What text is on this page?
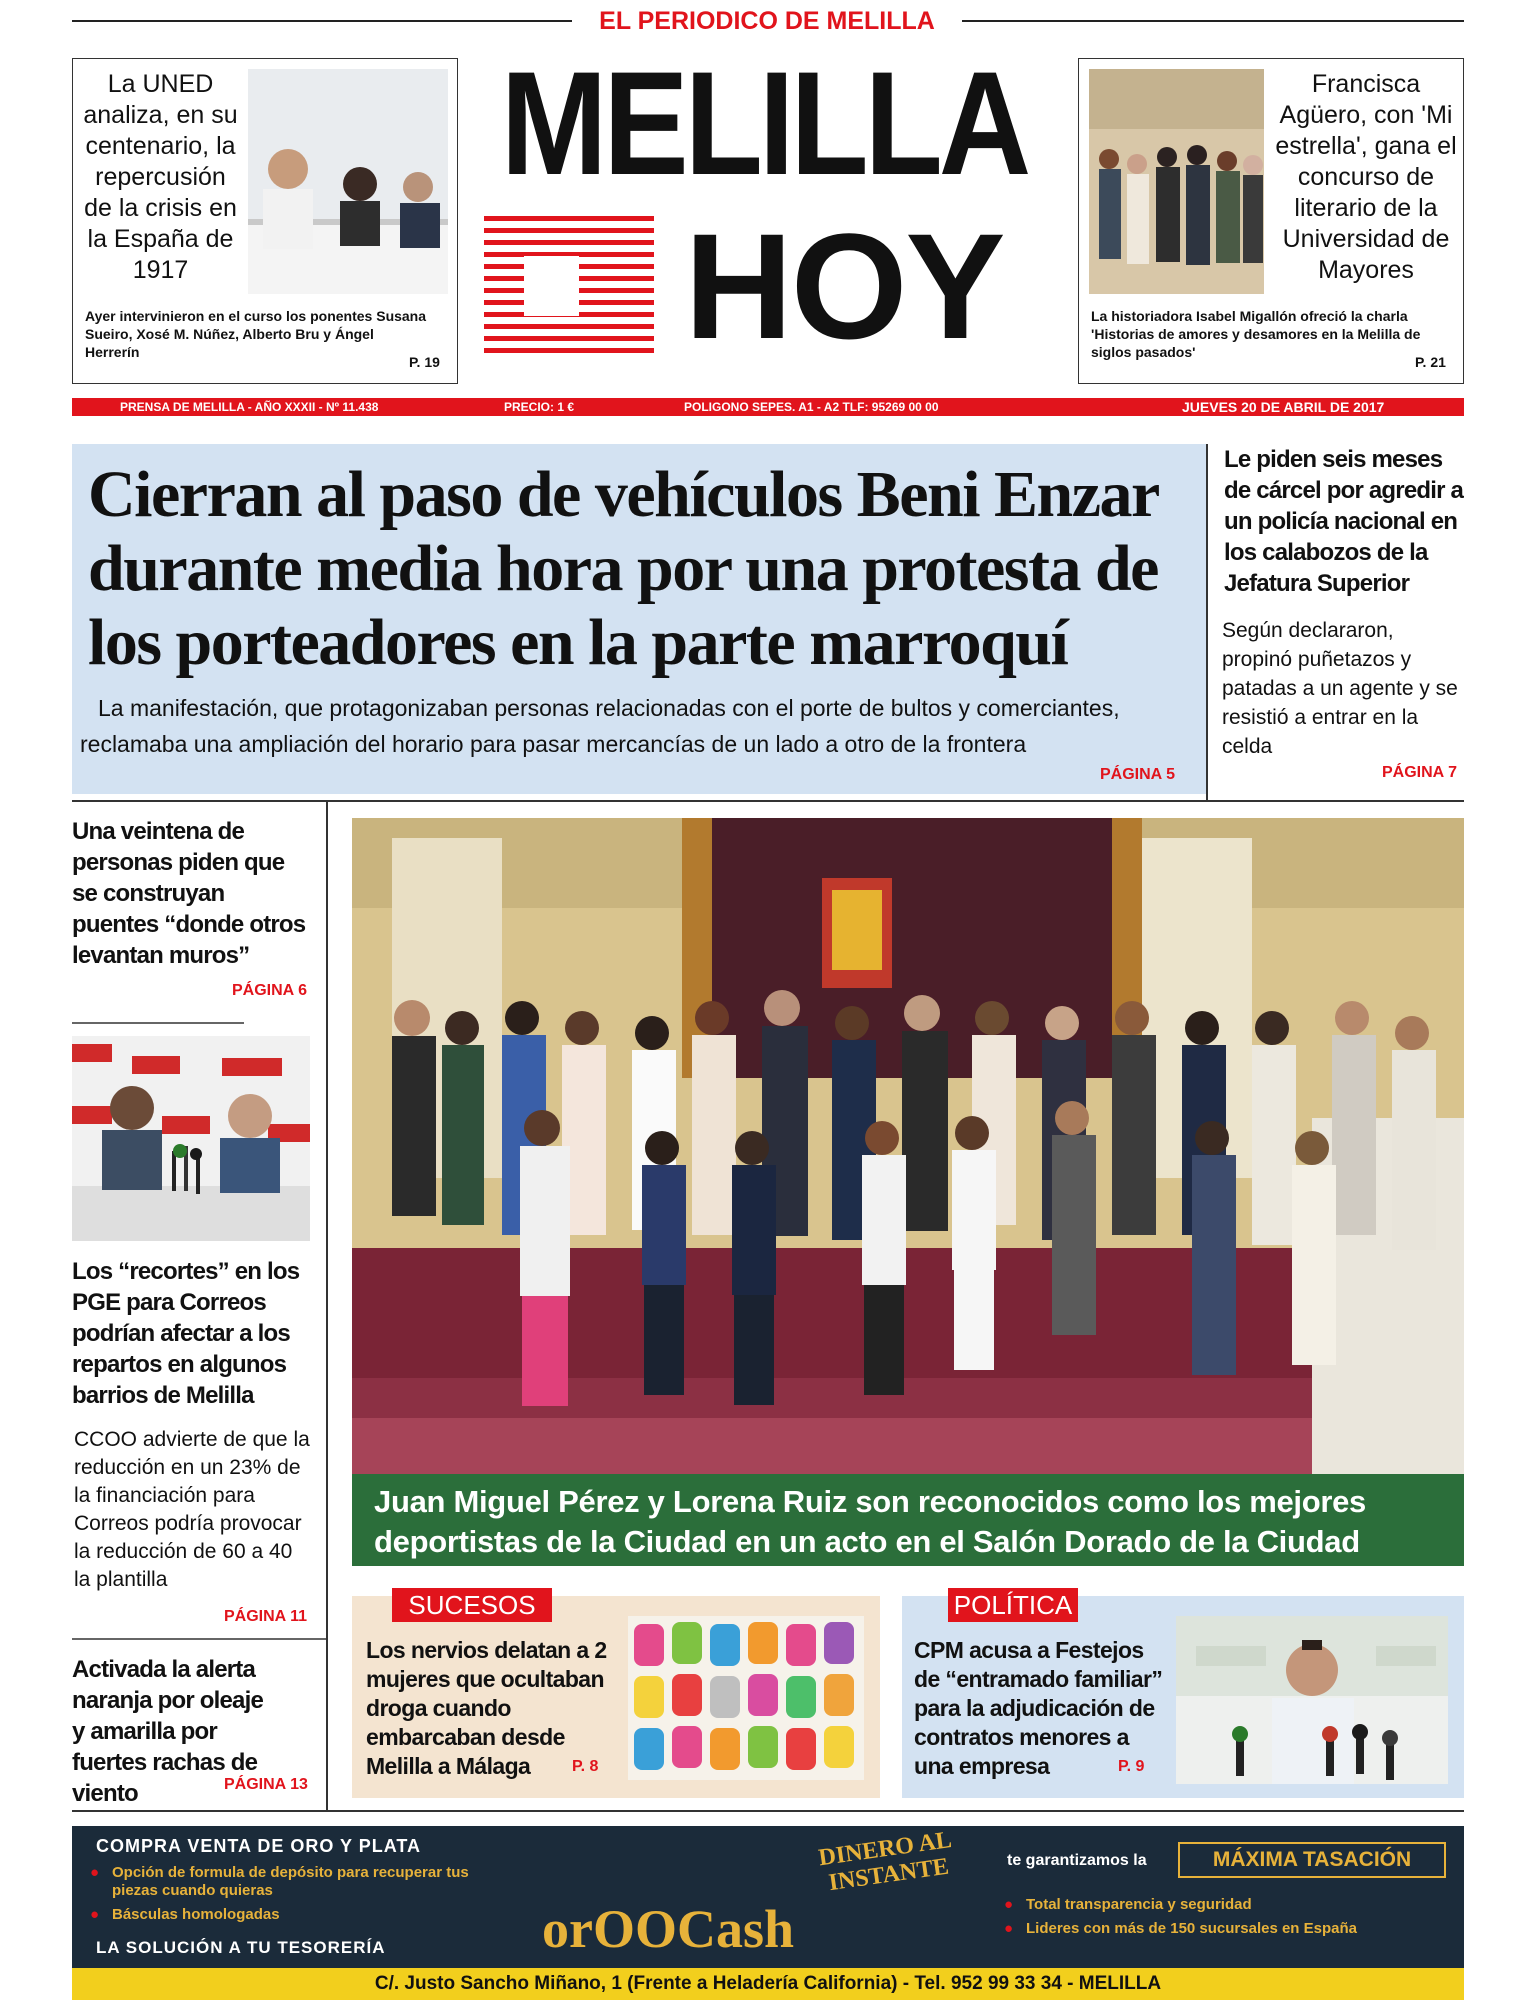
EL PERIODICO DE MELILLA
La UNED analiza, en su centenario, la repercusión de la crisis en la España de 1917
Ayer intervinieron en el curso los ponentes Susana Sueiro, Xosé M. Núñez, Alberto Bru y Ángel Herrerín
P. 19
MELILLA
HOY
Francisca Agüero, con 'Mi estrella', gana el concurso de literario de la Universidad de Mayores
La historiadora Isabel Migallón ofreció la charla 'Historias de amores y desamores en la Melilla de siglos pasados'
P. 21
PRENSA DE MELILLA - AÑO XXXII - Nº 11.438	PRECIO: 1 €	POLIGONO SEPES. A1 - A2 TLF: 95269 00 00	JUEVES 20 DE ABRIL DE 2017
Cierran al paso de vehículos Beni Enzar durante media hora por una protesta de los porteadores en la parte marroquí
La manifestación, que protagonizaban personas relacionadas con el porte de bultos y comerciantes, reclamaba una ampliación del horario para pasar mercancías de un lado a otro de la frontera
PÁGINA 5
Le piden seis meses de cárcel por agredir a un policía nacional en los calabozos de la Jefatura Superior
Según declararon, propinó puñetazos y patadas a un agente y se resistió a entrar en la celda
PÁGINA 7
Una veintena de personas piden que se construyan puentes “donde otros levantan muros”
PÁGINA 6
Los “recortes” en los PGE para Correos podrían afectar a los repartos en algunos barrios de Melilla
CCOO advierte de que la reducción en un 23% de la financiación para Correos podría provocar la reducción de 60 a 40 la plantilla
PÁGINA 11
Activada la alerta naranja por oleaje y amarilla por fuertes rachas de viento	PÁGINA 13
Juan Miguel Pérez y Lorena Ruiz son reconocidos como los mejores deportistas de la Ciudad en un acto en el Salón Dorado de la Ciudad
SUCESOS
Los nervios delatan a 2 mujeres que ocultaban droga cuando embarcaban desde Melilla a Málaga	P. 8
POLÍTICA
CPM acusa a Festejos de “entramado familiar” para la adjudicación de contratos menores a una empresa	P. 9
COMPRA VENTA DE ORO Y PLATA
● Opción de formula de depósito para recuperar tus piezas cuando quieras
● Básculas homologadas
LA SOLUCIÓN A TU TESORERÍA
DINERO AL INSTANTE
orOOCash
te garantizamos la	MÁXIMA TASACIÓN
● Total transparencia y seguridad
● Lideres con más de 150 sucursales en España
C/. Justo Sancho Miñano, 1 (Frente a Heladería California) - Tel. 952 99 33 34 - MELILLA
